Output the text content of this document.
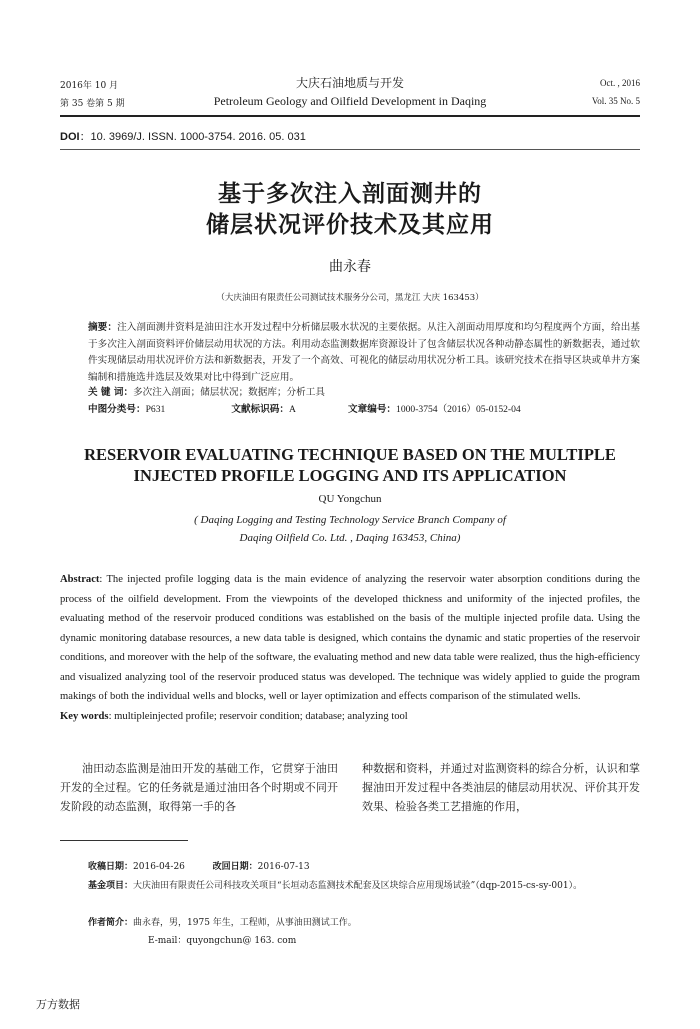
2016年 10 月
第 35 卷第 5 期
大庆石油地质与开发
Petroleum Geology and Oilfield Development in Daqing
Oct. , 2016
Vol. 35 No. 5
DOI：10. 3969/J. ISSN. 1000-3754. 2016. 05. 031
基于多次注入剖面测井的
储层状况评价技术及其应用
曲永春
（大庆油田有限责任公司测试技术服务分公司，黑龙江 大庆 163453）
摘要：注入剖面测井资料是油田注水开发过程中分析储层吸水状况的主要依据。从注入剖面动用厚度和均匀程度两个方面，给出基于多次注入剖面资料评价储层动用状况的方法。利用动态监测数据库资源设计了包含储层状况各种动静态属性的新数据表，通过软件实现储层动用状况评价方法和新数据表，开发了一个高效、可视化的储层动用状况分析工具。该研究技术在指导区块或单井方案编制和措施选井选层及效果对比中得到广泛应用。
关 键 词：多次注入剖面；储层状况；数据库；分析工具
中图分类号：P631	文献标识码：A	文章编号：1000-3754（2016）05-0152-04
RESERVOIR EVALUATING TECHNIQUE BASED ON THE MULTIPLE
INJECTED PROFILE LOGGING AND ITS APPLICATION
QU Yongchun
( Daqing Logging and Testing Technology Service Branch Company of
Daqing Oilfield Co. Ltd. , Daqing 163453, China)
Abstract: The injected profile logging data is the main evidence of analyzing the reservoir water absorption conditions during the process of the oilfield development. From the viewpoints of the developed thickness and uniformity of the injected profiles, the evaluating method of the reservoir produced conditions was established on the basis of the multiple injected profile data. Using the dynamic monitoring database resources, a new data table is designed, which contains the dynamic and static properties of the reservoir conditions, and moreover with the help of the software, the evaluating method and new data table were realized, thus the high-efficiency and visualized analyzing tool of the reservoir produced status was developed. The technique was widely applied to guide the program makings of both the individual wells and blocks, well or layer optimization and effects comparison of the stimulated wells.
Key words: multipleinjected profile; reservoir condition; database; analyzing tool
油田动态监测是油田开发的基础工作，它贯穿于油田开发的全过程。它的任务就是通过油田各个时期或不同开发阶段的动态监测，取得第一手的各
种数据和资料，并通过对监测资料的综合分析，认识和掌握油田开发过程中各类油层的储层动用状况、评价其开发效果、检验各类工艺措施的作用，
收稿日期：2016-04-26	改回日期：2016-07-13
基金项目：大庆油田有限责任公司科技攻关项目“长垣动态监测技术配套及区块综合应用现场试验”（dqp-2015-cs-sy-001）。
作者简介：曲永春，男，1975 年生，工程师，从事油田测试工作。
E-mail：quyongchun@ 163. com
万方数据
